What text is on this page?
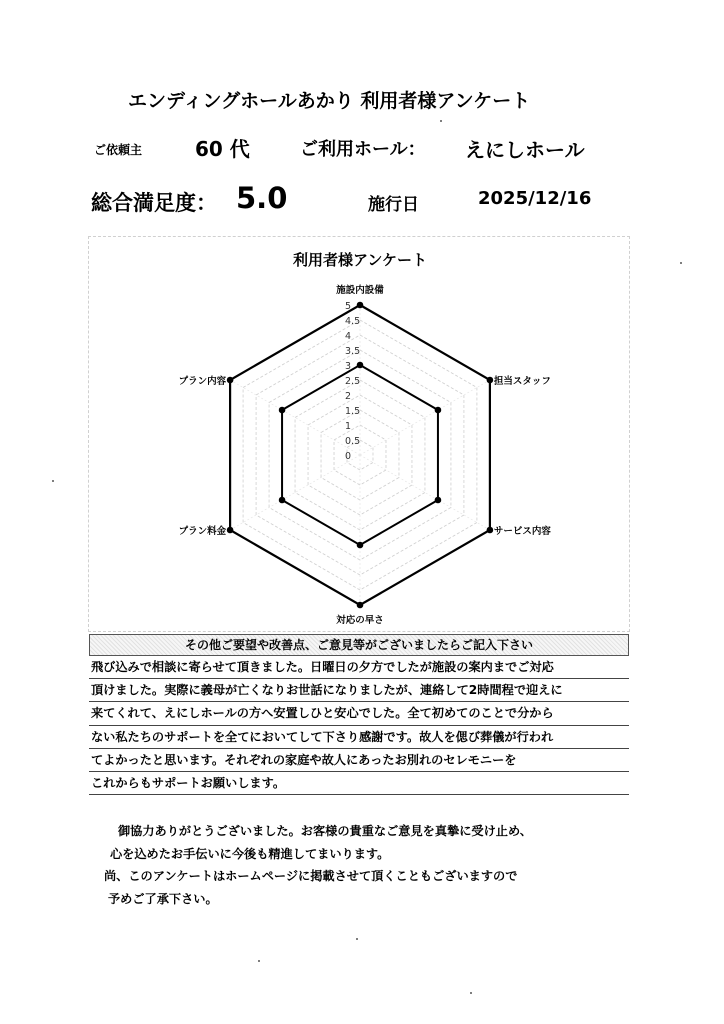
エンディングホールあかり 利用者様アンケート
ご依頼主	60 代	ご利用ホール： えにしホール
総合満足度： 5.0	施行日	2025/12/16
5
4.5
4
3.5
3
2.5
2
1.5
1
0.5
0
施設内設備
担当スタッフ
サービス内容
対応の早さ
プラン料金
プラン内容
利用者様アンケート
その他ご要望や改善点、ご意見等がございましたらご記入下さい
飛び込みで相談に寄らせて頂きました。日曜日の夕方でしたが施設の案内までご対応
頂けました。実際に義母が亡くなりお世話になりましたが、連絡して2時間程で迎えに
来てくれて、えにしホールの方へ安置しひと安心でした。全て初めてのことで分から
ない私たちのサポートを全てにおいてして下さり感謝です。故人を偲び葬儀が行われ
てよかったと思います。それぞれの家庭や故人にあったお別れのセレモニーを
これからもサポートお願いします。
御協力ありがとうございました。お客様の貴重なご意見を真摯に受け止め、
心を込めたお手伝いに今後も精進してまいります。
尚、このアンケートはホームページに掲載させて頂くこともございますので
予めご了承下さい。
